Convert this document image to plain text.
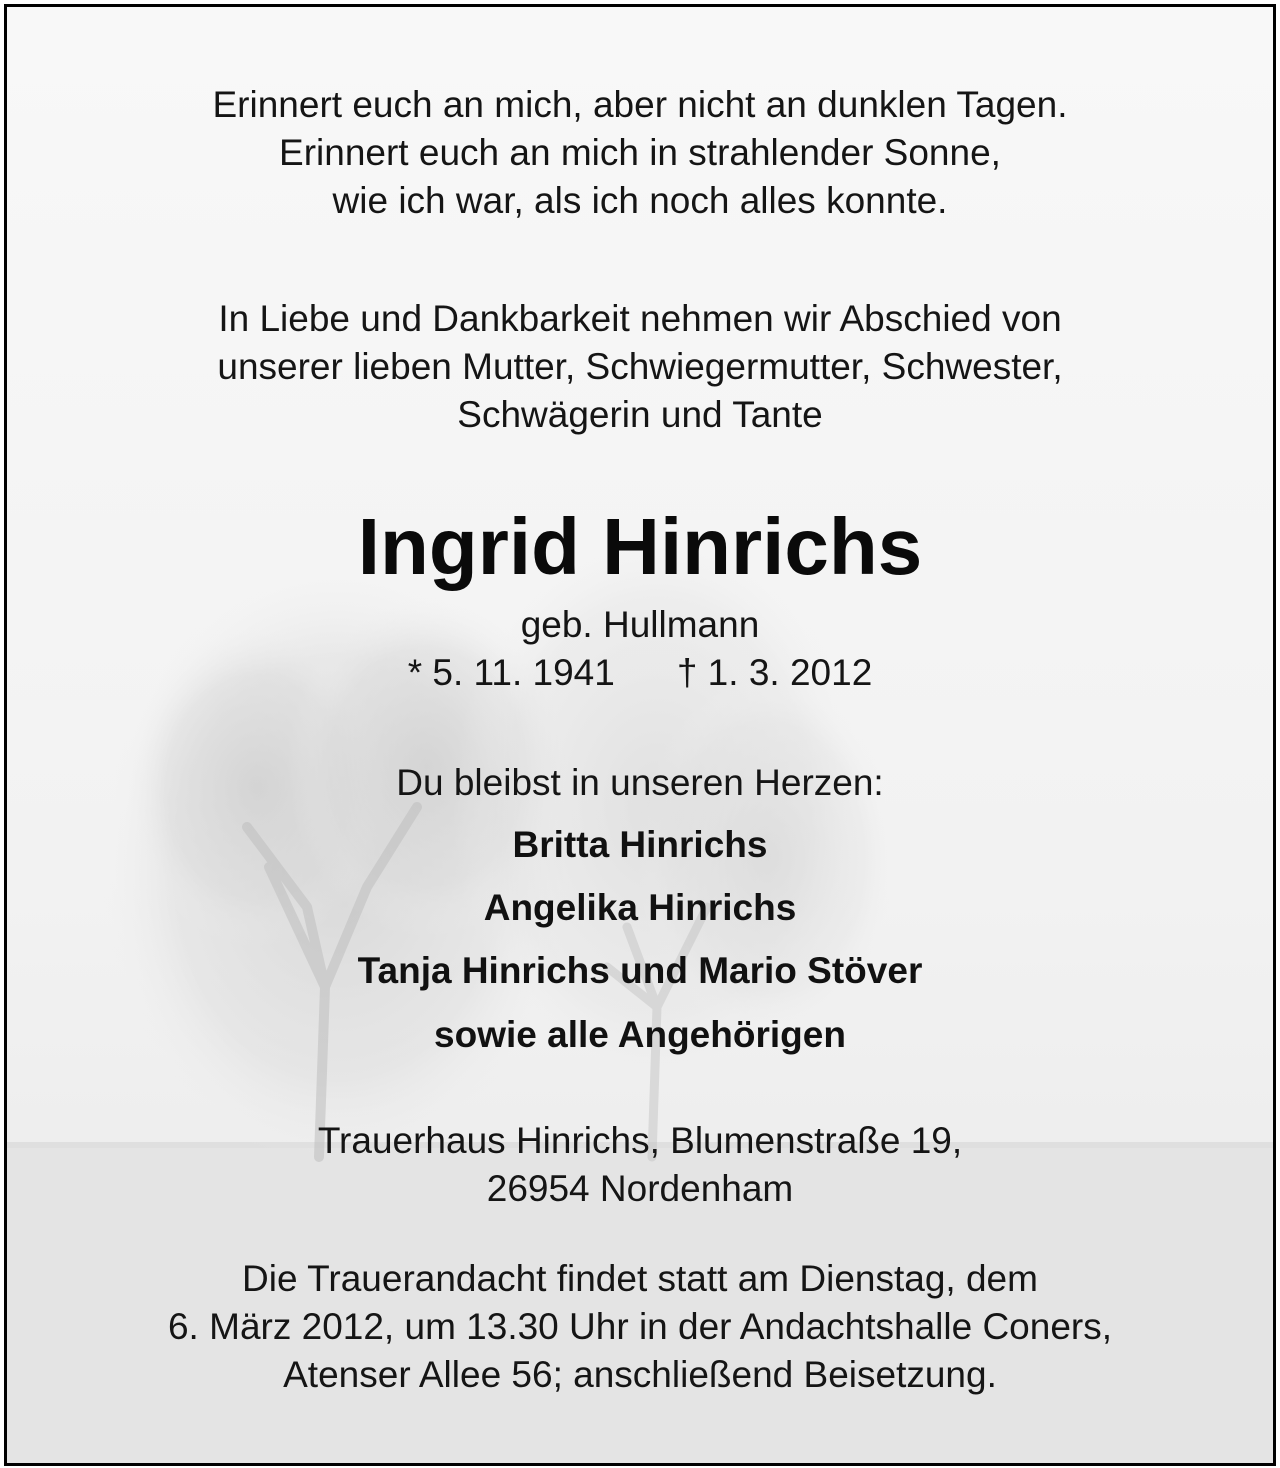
Erinnert euch an mich, aber nicht an dunklen Tagen.
Erinnert euch an mich in strahlender Sonne,
wie ich war, als ich noch alles konnte.
In Liebe und Dankbarkeit nehmen wir Abschied von
unserer lieben Mutter, Schwiegermutter, Schwester,
Schwägerin und Tante
Ingrid Hinrichs
geb. Hullmann
* 5. 11. 1941 † 1. 3. 2012
Du bleibst in unseren Herzen:
Britta Hinrichs
Angelika Hinrichs
Tanja Hinrichs und Mario Stöver
sowie alle Angehörigen
Trauerhaus Hinrichs, Blumenstraße 19,
26954 Nordenham
Die Trauerandacht findet statt am Dienstag, dem
6. März 2012, um 13.30 Uhr in der Andachtshalle Coners,
Atenser Allee 56; anschließend Beisetzung.
